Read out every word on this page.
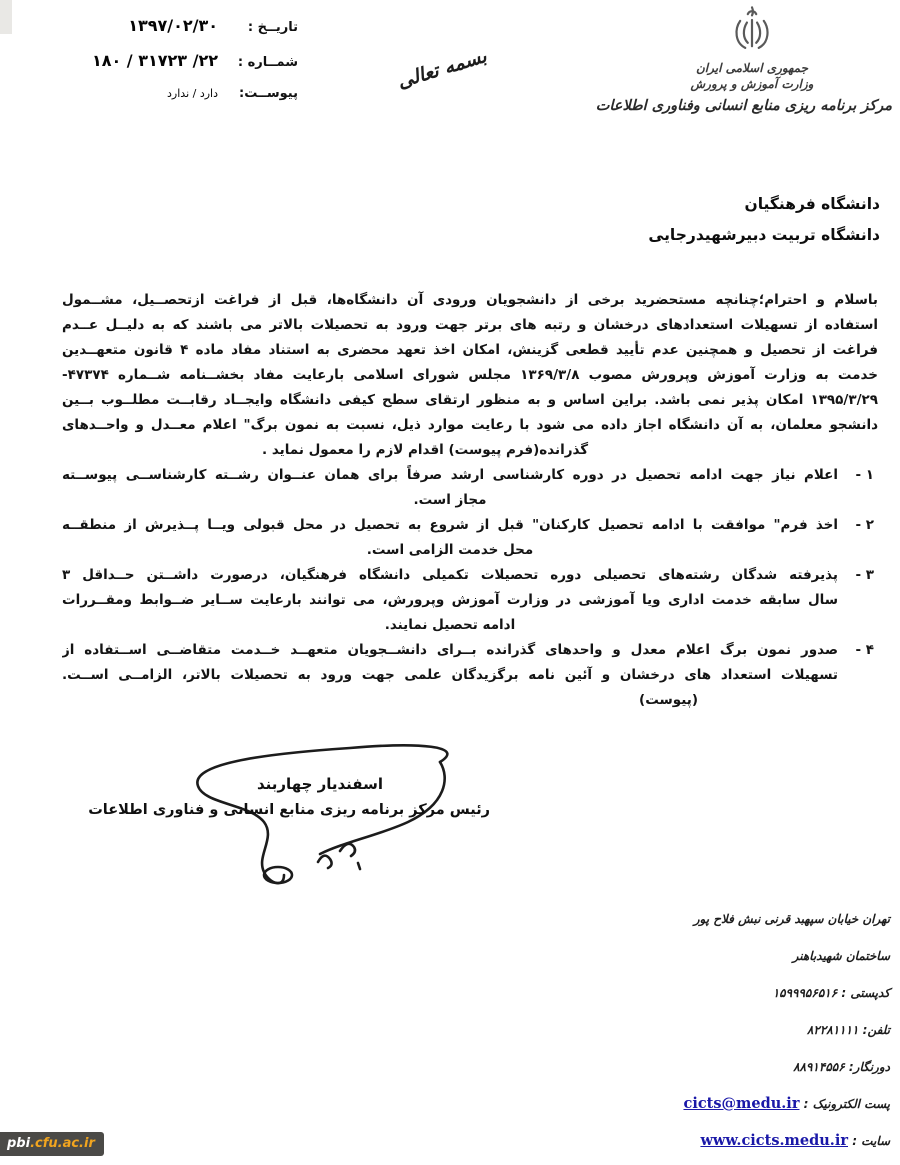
تاريــخ :
۱۳۹۷/۰۲/۳۰
شمــاره :
۱۸۰ / ۳۱۷۲۳ /۲۲
پيوســت:
دارد / ندارد
بسمه تعالی	جمهوری اسلامی ایران
وزارت آموزش و پرورش
مرکز برنامه ریزی منابع انسانی وفناوری اطلاعات
دانشگاه فرهنگیان
دانشگاه تربیت دبیرشهیدرجایی
باسلام و احترام؛چنانچه مستحضرید برخی از دانشجویان ورودی آن دانشگاه‌ها، قبل از فراغت ازتحصــیل، مشــمول
استفاده از تسهیلات استعدادهای درخشان و رتبه های برتر جهت ورود به تحصیلات بالاتر می باشند که به دلیــل عــدم
فراغت از تحصیل و همچنین عدم تأیید قطعی گزینش، امکان اخذ تعهد محضری به استناد مفاد ماده ۴ قانون متعهــدین
خدمت به وزارت آموزش وپرورش مصوب ۱۳۶۹/۳/۸ مجلس شورای اسلامی بارعایت مفاد بخشــنامه شــماره ۴۷۳۷۴-
۱۳۹۵/۳/۲۹ امکان پذیر نمی باشد. براین اساس و به منظور ارتقای سطح کیفی دانشگاه وایجــاد رقابــت مطلــوب بــین
دانشجو معلمان، به آن دانشگاه اجاز داده می شود با رعایت موارد ذیل، نسبت به نمون برگ" اعلام معــدل و واحــدهای
گذرانده(فرم پیوست) اقدام لازم را معمول نماید .
۱ -
اعلام نیاز جهت ادامه تحصیل در دوره کارشناسی ارشد صرفاً برای همان عنــوان رشــته کارشناســی پیوســته
مجاز است.
۲ -
اخذ فرم" موافقت با ادامه تحصیل کارکنان" قبل از شروع به تحصیل در محل قبولی ویــا پــذیرش از منطقــه
محل خدمت الزامی است.
۳ -
پذیرفته شدگان رشته‌های تحصیلی دوره تحصیلات تکمیلی دانشگاه فرهنگیان، درصورت داشــتن حــداقل ۳
سال سابقه خدمت اداری ویا آموزشی در وزارت آموزش وپرورش، می توانند بارعایت ســایر ضــوابط ومقــررات
ادامه تحصیل نمایند.
۴ -
صدور نمون برگ اعلام معدل و واحدهای گذرانده بــرای دانشــجویان متعهــد خــدمت متقاضــی اســتفاده از
تسهیلات استعداد های درخشان و آئین نامه برگزیدگان علمی جهت ورود به تحصیلات بالاتر، الزامــی اســت.
(پیوست)
اسفندیار چهاربند
رئیس مرکز برنامه ریزی منابع انسانی و فناوری اطلاعات
تهران خیابان سپهبد قرنی نبش فلاح پور
ساختمان شهیدباهنر
کدپستی : ۱۵۹۹۹۵۶۵۱۶
تلفن: ۸۲۲۸۱۱۱۱
دورنگار: ۸۸۹۱۴۵۵۶
پست الکترونیک : cicts@medu.ir
سایت : www.cicts.medu.ir
pbi.cfu.ac.ir
